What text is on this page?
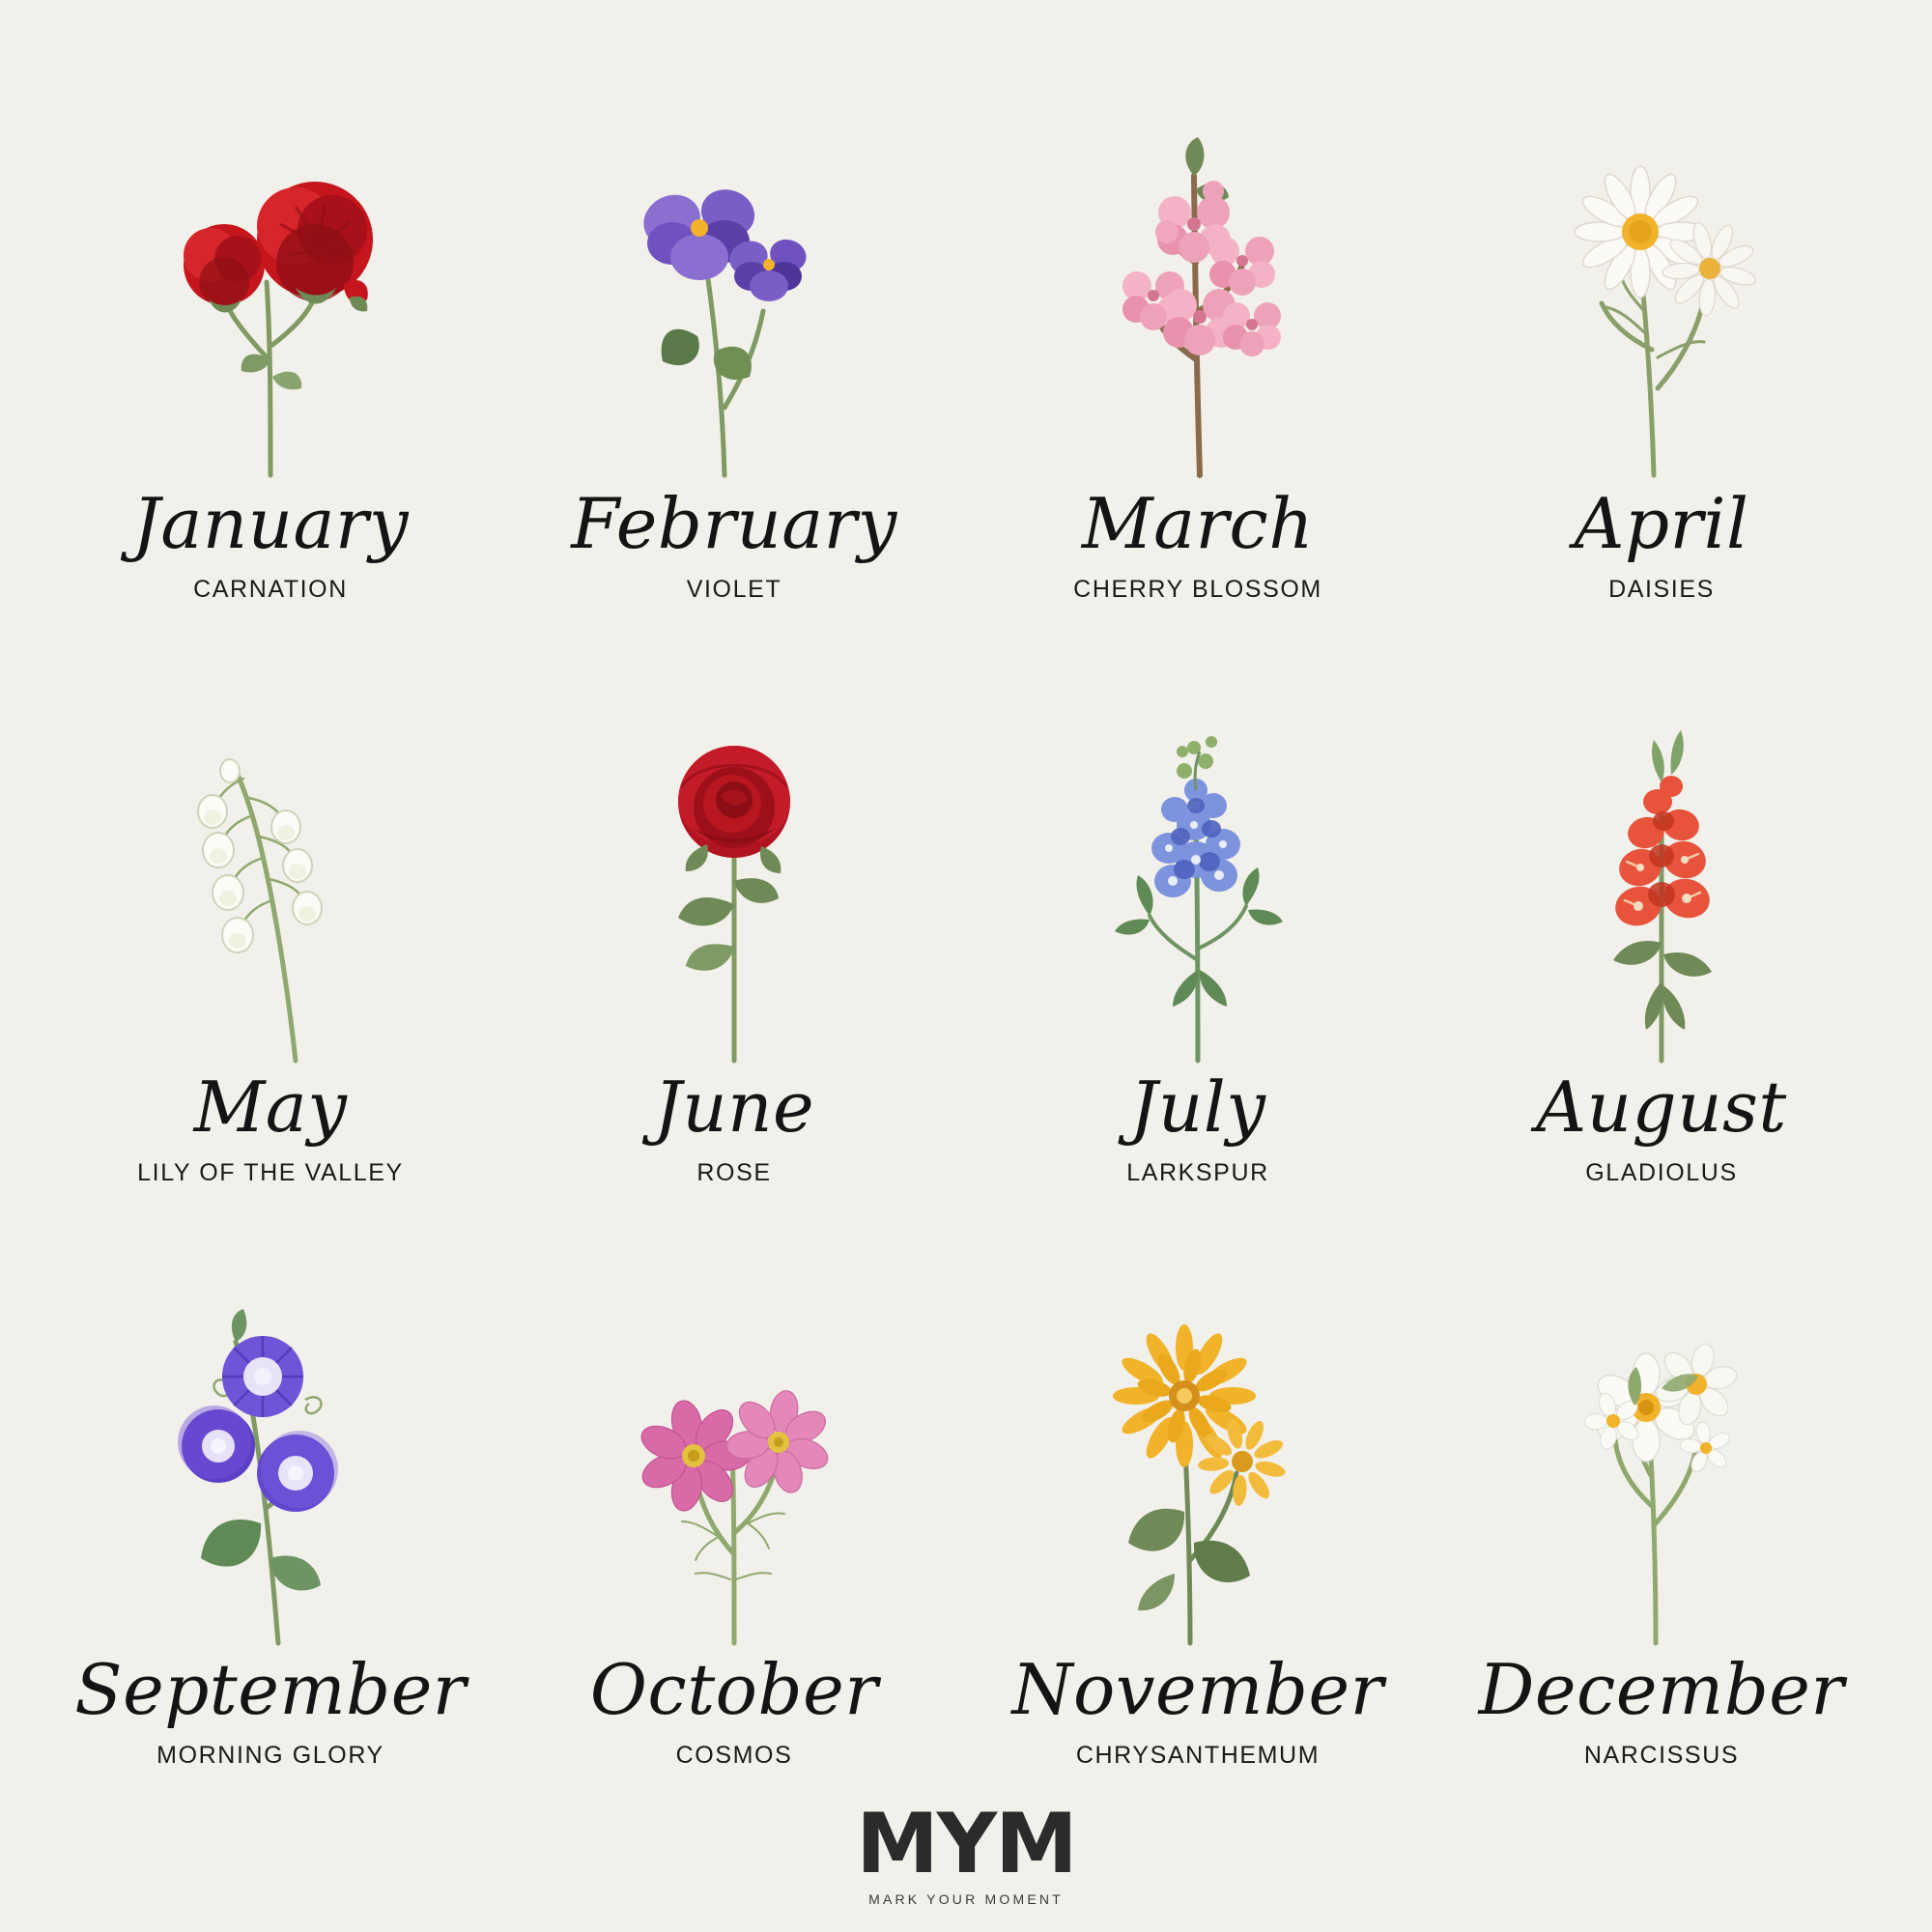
January
CARNATION
February
VIOLET
March
CHERRY BLOSSOM
April
DAISIES
May
LILY OF THE VALLEY
June
ROSE
July
LARKSPUR
August
GLADIOLUS
September
MORNING GLORY
October
COSMOS
November
CHRYSANTHEMUM
December
NARCISSUS
MYM
MARK YOUR MOMENT
